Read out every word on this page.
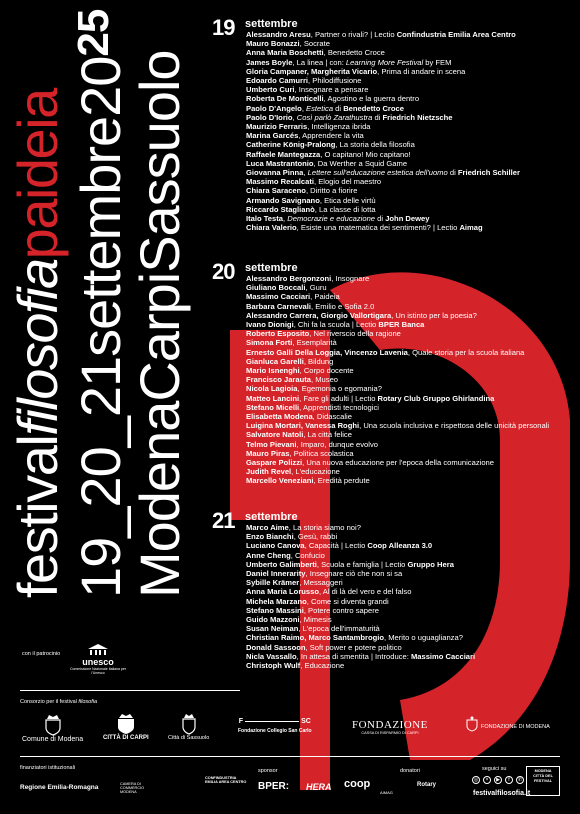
festivalfilosofiapaideia $19\_20\_21settembre20^{25}$
ModenaCarpiSassuolo
19 settembre
Alessandro Aresu, Partner o rivali? | Lectio Confindustria Emilia Area Centro
Mauro Bonazzi, Socrate
Anna Maria Boschetti, Benedetto Croce
James Boyle, La linea | con: Learning More Festival by FEM
Gloria Campaner, Margherita Vicario, Prima di andare in scena
Edoardo Camurri, Philodiffusione
Umberto Curi, Insegnare a pensare
Roberta De Monticelli, Agostino e la guerra dentro
Paolo D'Angelo, Estetica di Benedetto Croce
Paolo D'Iorio, Così parlò Zarathustra di Friedrich Nietzsche
Maurizio Ferraris, Intelligenza ibrida
Marina Garcés, Apprendere la vita
Catherine König-Pralong, La storia della filosofia
Raffaele Mantegazza, O capitano! Mio capitano!
Luca Mastrantonio, Da Werther a Squid Game
Giovanna Pinna, Lettere sull'educazione estetica dell'uomo di Friedrich Schiller
Massimo Recalcati, Elogio del maestro
Chiara Saraceno, Diritto a fiorire
Armando Savignano, Etica delle virtù
Riccardo Staglianò, La classe di lotta
Italo Testa, Democrazie e educazione di John Dewey
Chiara Valerio, Esiste una matematica dei sentimenti? | Lectio Aimag
20 settembre
Alessandro Bergonzoni, Insognare
Giuliano Boccali, Guru
Massimo Cacciari, Paideia
Barbara Carnevali, Emilio e Sofia 2.0
Alessandro Carrera, Giorgio Vallortigara, Un istinto per la poesia?
Ivano Dionigi, Chi fa la scuola | Lectio BPER Banca
Roberto Esposito, Nel riverscio della ragione
Simona Forti, Esemplarità
Ernesto Galli Della Loggia, Vincenzo Lavenia, Quale storia per la scuola italiana
Gianluca Garelli, Bildung
Mario Isnenghi, Corpo docente
Francisco Jarauta, Museo
Nicola Lagioia, Egemonia o egomania?
Matteo Lancini, Fare gli adulti | Lectio Rotary Club Gruppo Ghirlandina
Stefano Micelli, Apprendisti tecnologici
Elisabetta Modena, Didascalie
Luigina Mortari, Vanessa Roghi, Una scuola inclusiva e rispettosa delle unicità personali
Salvatore Natoli, La città felice
Telmo Pievani, Imparo, dunque evolvo
Mauro Piras, Politica scolastica
Gaspare Polizzi, Una nuova educazione per l'epoca della comunicazione
Judith Revel, L'educazione
Marcello Veneziani, Eredità perdute
21 settembre
Marco Aime, La storia siamo noi?
Enzo Bianchi, Gesù, rabbi
Luciano Canova, Capacità | Lectio Coop Alleanza 3.0
Anne Cheng, Confucio
Umberto Galimberti, Scuola e famiglia | Lectio Gruppo Hera
Daniel Innerarity, Insegnare ciò che non si sa
Sybille Krämer, Messaggeri
Anna Maria Lorusso, Al di là del vero e del falso
Michela Marzano, Come si diventa grandi
Stefano Massini, Potere contro sapere
Guido Mazzoni, Mimesis
Susan Neiman, L'epoca dell'immaturità
Christian Raimo, Marco Santambrogio, Merito o uguaglianza?
Donald Sassoon, Soft power e potere politico
Nicla Vassallo, In attesa di smentita | Introduce: Massimo Cacciari
Christoph Wulf, Educazione
con il patrocinio
unesco
Commissione Nazionale Italiana per l'Unesco
Consorzio per il festival filosofia
Comune di Modena	CITTÀ DI CARPI	Città di Sassuolo
F	SC
Fondazione Collegio San Carlo	FONDAZIONE
CASSA DI RISPARMIO DI CARPI
FONDAZIONE DI MODENA
finanziatori istituzionali
Regione Emilia-Romagna	CAMERA DI COMMERCIO MODENA
CONFINDUSTRIA EMILIA AREA CENTRO
sponsor
BPER: HERA coop
AIMAG
donatori
Rotary
seguici su
◎	×	▶	f	✆
festivalfilosofia.it
MODENA CITTÀ DEL FESTIVAL
